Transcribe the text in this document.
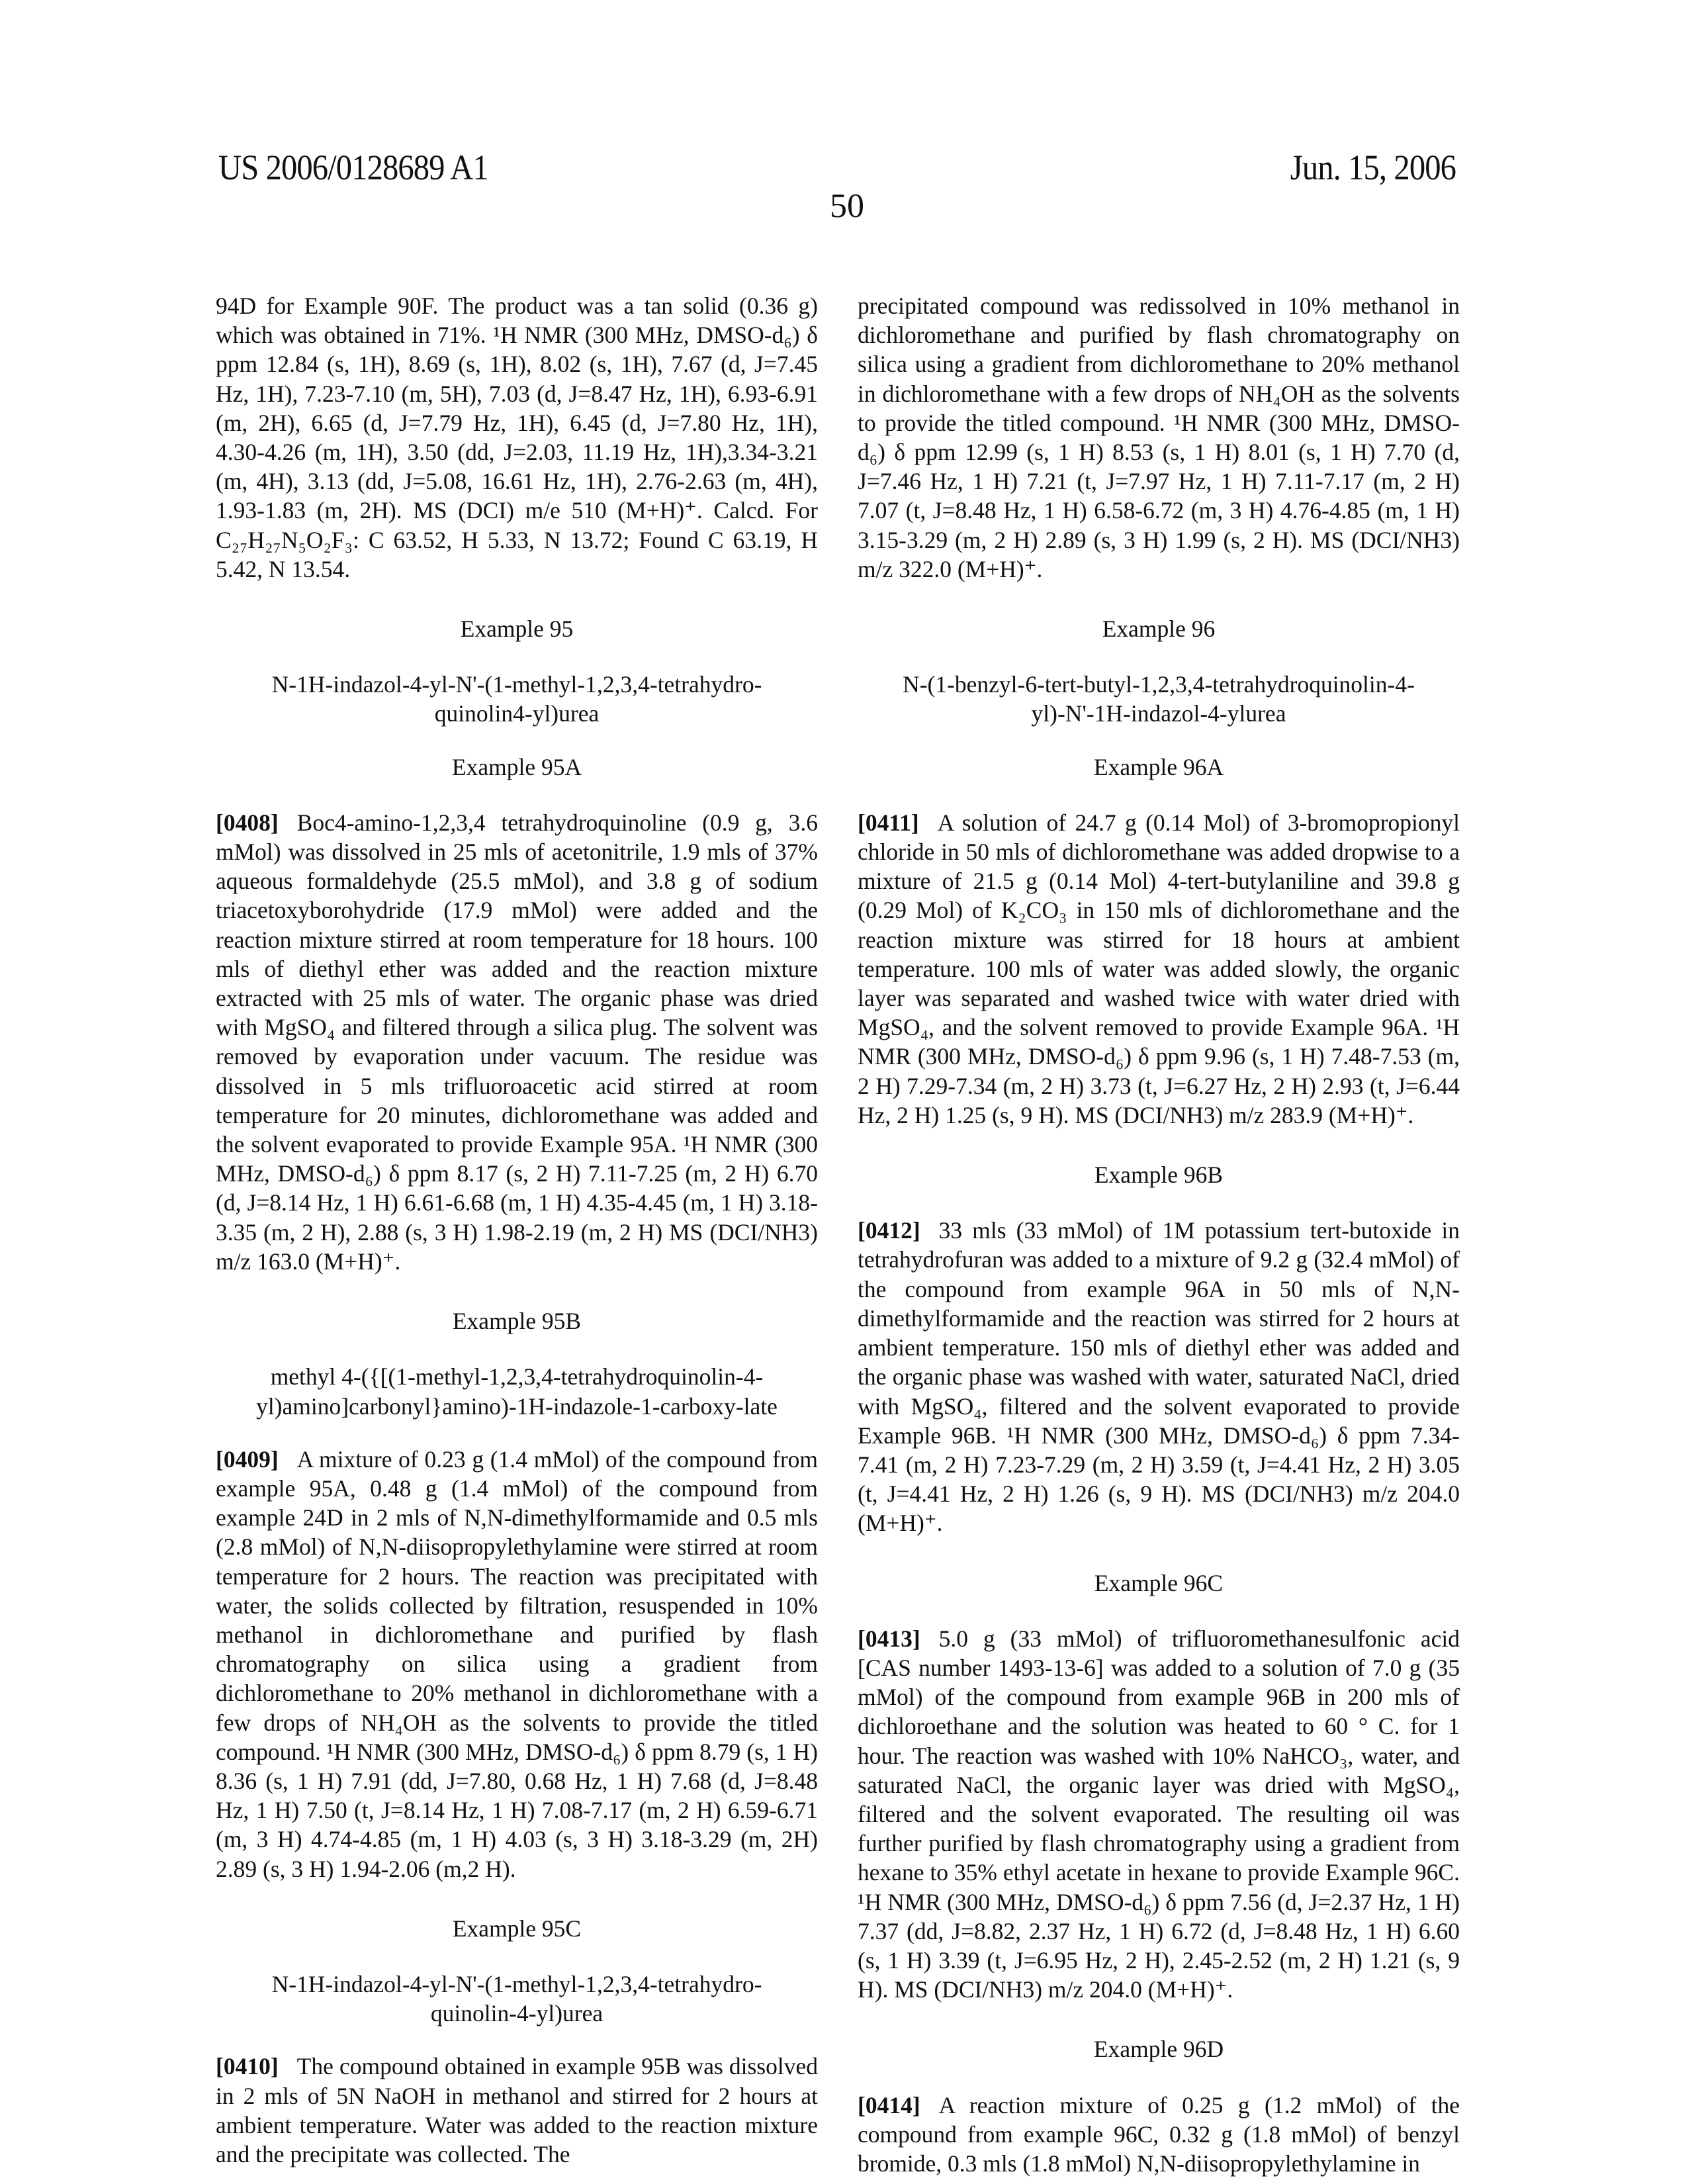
US 2006/0128689 A1	Jun. 15, 2006
50

94D for Example 90F. The product was a tan solid (0.36 g) which was obtained in 71%. ¹H NMR (300 MHz, DMSO-d₆) δ ppm 12.84 (s, 1H), 8.69 (s, 1H), 8.02 (s, 1H), 7.67 (d, J=7.45 Hz, 1H), 7.23-7.10 (m, 5H), 7.03 (d, J=8.47 Hz, 1H), 6.93-6.91 (m, 2H), 6.65 (d, J=7.79 Hz, 1H), 6.45 (d, J=7.80 Hz, 1H), 4.30-4.26 (m, 1H), 3.50 (dd, J=2.03, 11.19 Hz, 1H),3.34-3.21 (m, 4H), 3.13 (dd, J=5.08, 16.61 Hz, 1H), 2.76-2.63 (m, 4H), 1.93-1.83 (m, 2H). MS (DCI) m/e 510 (M+H)⁺. Calcd. For C₂₇H₂₇N₅O₂F₃: C 63.52, H 5.33, N 13.72; Found C 63.19, H 5.42, N 13.54.

Example 95
N-1H-indazol-4-yl-N'-(1-methyl-1,2,3,4-tetrahydro-quinolin4-yl)urea
Example 95A

[0408] Boc4-amino-1,2,3,4 tetrahydroquinoline (0.9 g, 3.6 mMol) was dissolved in 25 mls of acetonitrile, 1.9 mls of 37% aqueous formaldehyde (25.5 mMol), and 3.8 g of sodium triacetoxyborohydride (17.9 mMol) were added and the reaction mixture stirred at room temperature for 18 hours. 100 mls of diethyl ether was added and the reaction mixture extracted with 25 mls of water. The organic phase was dried with MgSO₄ and filtered through a silica plug. The solvent was removed by evaporation under vacuum. The residue was dissolved in 5 mls trifluoroacetic acid stirred at room temperature for 20 minutes, dichloromethane was added and the solvent evaporated to provide Example 95A. ¹H NMR (300 MHz, DMSO-d₆) δ ppm 8.17 (s, 2 H) 7.11-7.25 (m, 2 H) 6.70 (d, J=8.14 Hz, 1 H) 6.61-6.68 (m, 1 H) 4.35-4.45 (m, 1 H) 3.18-3.35 (m, 2 H), 2.88 (s, 3 H) 1.98-2.19 (m, 2 H) MS (DCI/NH3) m/z 163.0 (M+H)⁺.

Example 95B
methyl 4-({[(1-methyl-1,2,3,4-tetrahydroquinolin-4-yl)amino]carbonyl}amino)-1H-indazole-1-carboxy-late

[0409] A mixture of 0.23 g (1.4 mMol) of the compound from example 95A, 0.48 g (1.4 mMol) of the compound from example 24D in 2 mls of N,N-dimethylformamide and 0.5 mls (2.8 mMol) of N,N-diisopropylethylamine were stirred at room temperature for 2 hours. The reaction was precipitated with water, the solids collected by filtration, resuspended in 10% methanol in dichloromethane and purified by flash chromatography on silica using a gradient from dichloromethane to 20% methanol in dichloromethane with a few drops of NH₄OH as the solvents to provide the titled compound. ¹H NMR (300 MHz, DMSO-d₆) δ ppm 8.79 (s, 1 H) 8.36 (s, 1 H) 7.91 (dd, J=7.80, 0.68 Hz, 1 H) 7.68 (d, J=8.48 Hz, 1 H) 7.50 (t, J=8.14 Hz, 1 H) 7.08-7.17 (m, 2 H) 6.59-6.71 (m, 3 H) 4.74-4.85 (m, 1 H) 4.03 (s, 3 H) 3.18-3.29 (m, 2H) 2.89 (s, 3 H) 1.94-2.06 (m,2 H).

Example 95C
N-1H-indazol-4-yl-N'-(1-methyl-1,2,3,4-tetrahydro-quinolin-4-yl)urea

[0410] The compound obtained in example 95B was dissolved in 2 mls of 5N NaOH in methanol and stirred for 2 hours at ambient temperature. Water was added to the reaction mixture and the precipitate was collected. The

precipitated compound was redissolved in 10% methanol in dichloromethane and purified by flash chromatography on silica using a gradient from dichloromethane to 20% methanol in dichloromethane with a few drops of NH₄OH as the solvents to provide the titled compound. ¹H NMR (300 MHz, DMSO-d₆) δ ppm 12.99 (s, 1 H) 8.53 (s, 1 H) 8.01 (s, 1 H) 7.70 (d, J=7.46 Hz, 1 H) 7.21 (t, J=7.97 Hz, 1 H) 7.11-7.17 (m, 2 H) 7.07 (t, J=8.48 Hz, 1 H) 6.58-6.72 (m, 3 H) 4.76-4.85 (m, 1 H) 3.15-3.29 (m, 2 H) 2.89 (s, 3 H) 1.99 (s, 2 H). MS (DCI/NH3) m/z 322.0 (M+H)⁺.

Example 96
N-(1-benzyl-6-tert-butyl-1,2,3,4-tetrahydroquinolin-4-yl)-N'-1H-indazol-4-ylurea
Example 96A

[0411] A solution of 24.7 g (0.14 Mol) of 3-bromopropionyl chloride in 50 mls of dichloromethane was added dropwise to a mixture of 21.5 g (0.14 Mol) 4-tert-butylaniline and 39.8 g (0.29 Mol) of K₂CO₃ in 150 mls of dichloromethane and the reaction mixture was stirred for 18 hours at ambient temperature. 100 mls of water was added slowly, the organic layer was separated and washed twice with water dried with MgSO₄, and the solvent removed to provide Example 96A. ¹H NMR (300 MHz, DMSO-d₆) δ ppm 9.96 (s, 1 H) 7.48-7.53 (m, 2 H) 7.29-7.34 (m, 2 H) 3.73 (t, J=6.27 Hz, 2 H) 2.93 (t, J=6.44 Hz, 2 H) 1.25 (s, 9 H). MS (DCI/NH3) m/z 283.9 (M+H)⁺.

Example 96B

[0412] 33 mls (33 mMol) of 1M potassium tert-butoxide in tetrahydrofuran was added to a mixture of 9.2 g (32.4 mMol) of the compound from example 96A in 50 mls of N,N-dimethylformamide and the reaction was stirred for 2 hours at ambient temperature. 150 mls of diethyl ether was added and the organic phase was washed with water, saturated NaCl, dried with MgSO₄, filtered and the solvent evaporated to provide Example 96B. ¹H NMR (300 MHz, DMSO-d₆) δ ppm 7.34-7.41 (m, 2 H) 7.23-7.29 (m, 2 H) 3.59 (t, J=4.41 Hz, 2 H) 3.05 (t, J=4.41 Hz, 2 H) 1.26 (s, 9 H). MS (DCI/NH3) m/z 204.0 (M+H)⁺.

Example 96C

[0413] 5.0 g (33 mMol) of trifluoromethanesulfonic acid [CAS number 1493-13-6] was added to a solution of 7.0 g (35 mMol) of the compound from example 96B in 200 mls of dichloroethane and the solution was heated to 60 ° C. for 1 hour. The reaction was washed with 10% NaHCO₃, water, and saturated NaCl, the organic layer was dried with MgSO₄, filtered and the solvent evaporated. The resulting oil was further purified by flash chromatography using a gradient from hexane to 35% ethyl acetate in hexane to provide Example 96C. ¹H NMR (300 MHz, DMSO-d₆) δ ppm 7.56 (d, J=2.37 Hz, 1 H) 7.37 (dd, J=8.82, 2.37 Hz, 1 H) 6.72 (d, J=8.48 Hz, 1 H) 6.60 (s, 1 H) 3.39 (t, J=6.95 Hz, 2 H), 2.45-2.52 (m, 2 H) 1.21 (s, 9 H). MS (DCI/NH3) m/z 204.0 (M+H)⁺.

Example 96D

[0414] A reaction mixture of 0.25 g (1.2 mMol) of the compound from example 96C, 0.32 g (1.8 mMol) of benzyl bromide, 0.3 mls (1.8 mMol) N,N-diisopropylethylamine in
